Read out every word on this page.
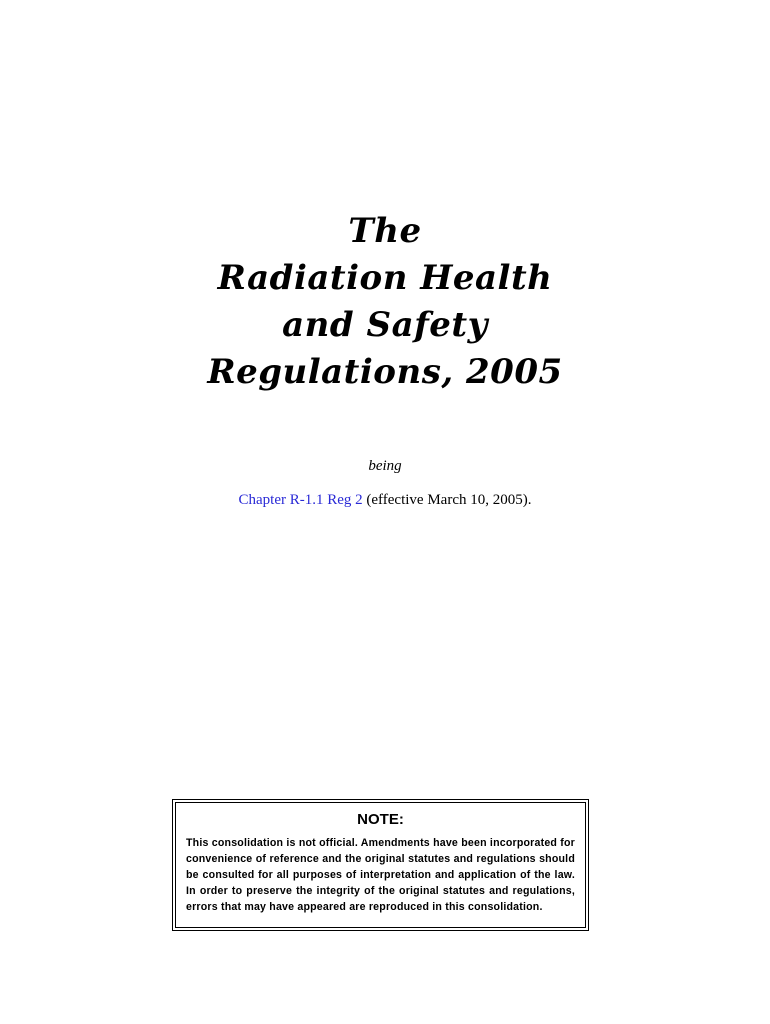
The
Radiation Health
and Safety
Regulations, 2005
being
Chapter R-1.1 Reg 2 (effective March 10, 2005).
NOTE:
This consolidation is not official. Amendments have been incorporated for convenience of reference and the original statutes and regulations should be consulted for all purposes of interpretation and application of the law. In order to preserve the integrity of the original statutes and regulations, errors that may have appeared are reproduced in this consolidation.
